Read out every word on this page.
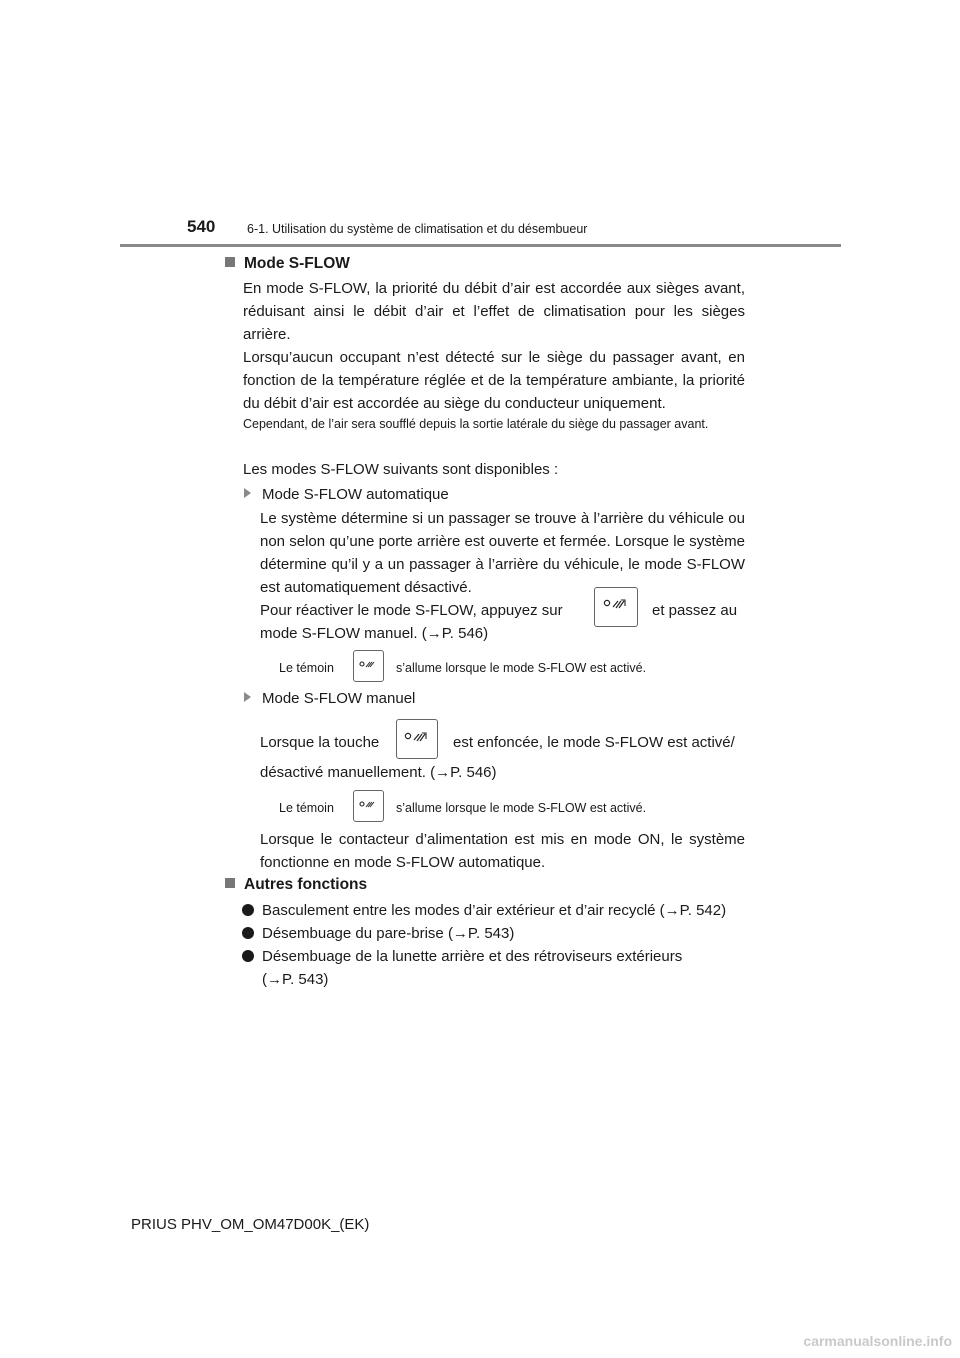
540	6-1. Utilisation du système de climatisation et du désembueur
Mode S-FLOW
En mode S-FLOW, la priorité du débit d’air est accordée aux sièges avant, réduisant ainsi le débit d’air et l’effet de climatisation pour les sièges arrière.
Lorsqu’aucun occupant n’est détecté sur le siège du passager avant, en fonction de la température réglée et de la température ambiante, la priorité du débit d’air est accordée au siège du conducteur uniquement.
Cependant, de l’air sera soufflé depuis la sortie latérale du siège du passager avant.
Les modes S-FLOW suivants sont disponibles :
Mode S-FLOW automatique
Le système détermine si un passager se trouve à l’arrière du véhicule ou non selon qu’une porte arrière est ouverte et fermée. Lorsque le système détermine qu’il y a un passager à l’arrière du véhicule, le mode S-FLOW est automatiquement désactivé.
Pour réactiver le mode S-FLOW, appuyez sur	et passez au
mode S-FLOW manuel. (→P. 546)
Le témoin	s’allume lorsque le mode S-FLOW est activé.
Mode S-FLOW manuel
Lorsque la touche	est enfoncée, le mode S-FLOW est activé/
désactivé manuellement. (→P. 546)
Le témoin	s’allume lorsque le mode S-FLOW est activé.
Lorsque le contacteur d’alimentation est mis en mode ON, le système fonctionne en mode S-FLOW automatique.
Autres fonctions
Basculement entre les modes d’air extérieur et d’air recyclé (→P. 542)
Désembuage du pare-brise (→P. 543)
Désembuage de la lunette arrière et des rétroviseurs extérieurs
(→P. 543)
PRIUS PHV_OM_OM47D00K_(EK)
carmanualsonline.info
